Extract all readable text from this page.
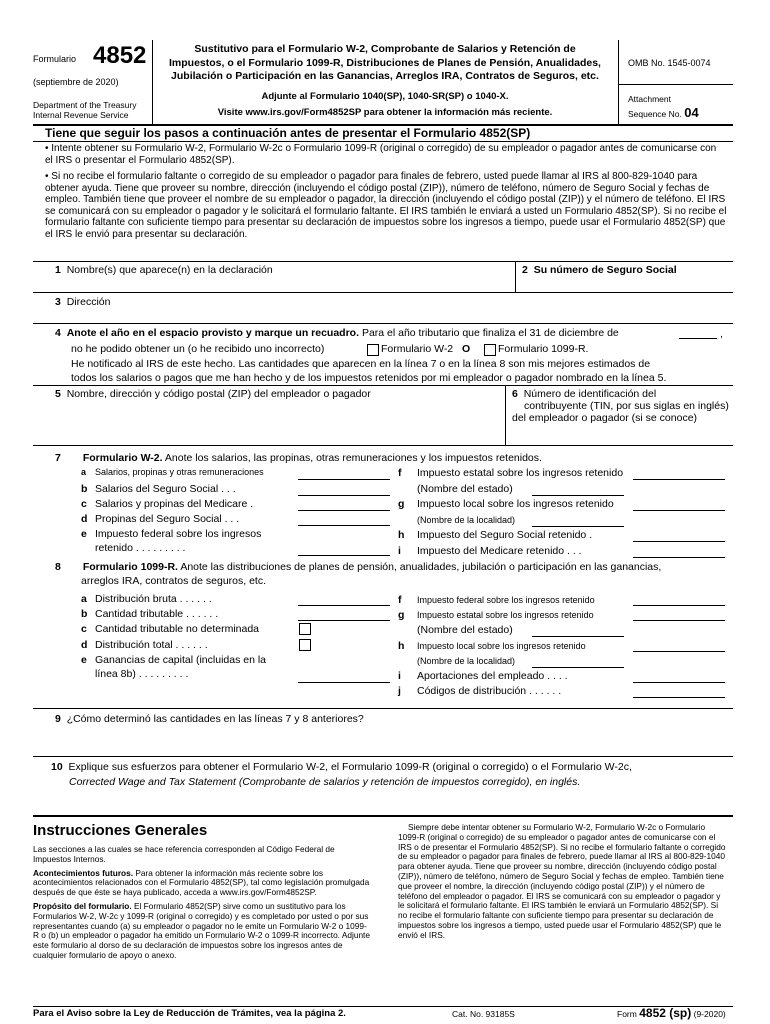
Formulario 4852
(septiembre de 2020)
Department of the Treasury
Internal Revenue Service
Sustitutivo para el Formulario W-2, Comprobante de Salarios y Retención de
Impuestos, o el Formulario 1099-R, Distribuciones de Planes de Pensión, Anualidades,
Jubilación o Participación en las Ganancias, Arreglos IRA, Contratos de Seguros, etc.
Adjunte al Formulario 1040(SP), 1040-SR(SP) o 1040-X.
Visite www.irs.gov/Form4852SP para obtener la información más reciente.
OMB No. 1545-0074
Attachment
Sequence No. 04
Tiene que seguir los pasos a continuación antes de presentar el Formulario 4852(SP)
• Intente obtener su Formulario W-2, Formulario W-2c o Formulario 1099-R (original o corregido) de su empleador o pagador antes de comunicarse con el IRS o presentar el Formulario 4852(SP).
• Si no recibe el formulario faltante o corregido de su empleador o pagador para finales de febrero, usted puede llamar al IRS al 800-829-1040 para obtener ayuda. Tiene que proveer su nombre, dirección (incluyendo el código postal (ZIP)), número de teléfono, número de Seguro Social y fechas de empleo. También tiene que proveer el nombre de su empleador o pagador, la dirección (incluyendo el código postal (ZIP)) y el número de teléfono. El IRS se comunicará con su empleador o pagador y le solicitará el formulario faltante. El IRS también le enviará a usted un Formulario 4852(SP). Si no recibe el formulario faltante con suficiente tiempo para presentar su declaración de impuestos sobre los ingresos a tiempo, puede usar el Formulario 4852(SP) que el IRS le envió para presentar su declaración.
1 Nombre(s) que aparece(n) en la declaración	2 Su número de Seguro Social
3 Dirección
4 Anote el año en el espacio provisto y marque un recuadro. Para el año tributario que finaliza el 31 de diciembre de	,
no he podido obtener un (o he recibido uno incorrecto)	Formulario W-2 O	Formulario 1099-R.
He notificado al IRS de este hecho. Las cantidades que aparecen en la línea 7 o en la línea 8 son mis mejores estimados de
todos los salarios o pagos que me han hecho y de los impuestos retenidos por mi empleador o pagador nombrado en la línea 5.
5 Nombre, dirección y código postal (ZIP) del empleador o pagador	6 Número de identificación del
contribuyente (TIN, por sus siglas en inglés)
del empleador o pagador (si se conoce)
7 Formulario W-2. Anote los salarios, las propinas, otras remuneraciones y los impuestos retenidos.
a Salarios, propinas y otras remuneraciones
b Salarios del Seguro Social . . .
c Salarios y propinas del Medicare .
d Propinas del Seguro Social . . .
e Impuesto federal sobre los ingresos
retenido . . . . . . . . .
f Impuesto estatal sobre los ingresos retenido
(Nombre del estado)
g Impuesto local sobre los ingresos retenido
(Nombre de la localidad)
h Impuesto del Seguro Social retenido .
i Impuesto del Medicare retenido . . .
8 Formulario 1099-R. Anote las distribuciones de planes de pensión, anualidades, jubilación o participación en las ganancias,
arreglos IRA, contratos de seguros, etc.
a Distribución bruta . . . . . .
b Cantidad tributable . . . . . .
c Cantidad tributable no determinada
d Distribución total . . . . . .
e Ganancias de capital (incluidas en la
línea 8b) . . . . . . . . .
f Impuesto federal sobre los ingresos retenido
g Impuesto estatal sobre los ingresos retenido
(Nombre del estado)
h Impuesto local sobre los ingresos retenido
(Nombre de la localidad)
i Aportaciones del empleado . . . .
j Códigos de distribución . . . . . .
9 ¿Cómo determinó las cantidades en las líneas 7 y 8 anteriores?
10 Explique sus esfuerzos para obtener el Formulario W-2, el Formulario 1099-R (original o corregido) o el Formulario W-2c,
Corrected Wage and Tax Statement (Comprobante de salarios y retención de impuestos corregido), en inglés.
Instrucciones Generales

Las secciones a las cuales se hace referencia corresponden al Código Federal de Impuestos Internos.

Acontecimientos futuros. Para obtener la información más reciente sobre los acontecimientos relacionados con el Formulario 4852(SP), tal como legislación promulgada después de que éste se haya publicado, acceda a www.irs.gov/Form4852SP.

Propósito del formulario. El Formulario 4852(SP) sirve como un sustitutivo para los Formularios W-2, W-2c y 1099-R (original o corregido) y es completado por usted o por sus representantes cuando (a) su empleador o pagador no le emite un Formulario W-2 o 1099-R o (b) un empleador o pagador ha emitido un Formulario W-2 o 1099-R incorrecto. Adjunte este formulario al dorso de su declaración de impuestos sobre los ingresos antes de cualquier formulario de apoyo o anexo.

Siempre debe intentar obtener su Formulario W-2, Formulario W-2c o Formulario 1099-R (original o corregido) de su empleador o pagador antes de comunicarse con el IRS o de presentar el Formulario 4852(SP). Si no recibe el formulario faltante o corregido de su empleador o pagador para finales de febrero, puede llamar al IRS al 800-829-1040 para obtener ayuda. Tiene que proveer su nombre, dirección (incluyendo código postal (ZIP)), número de teléfono, número de Seguro Social y fechas de empleo. También tiene que proveer el nombre, la dirección (incluyendo código postal (ZIP)) y el número de teléfono del empleador o pagador. El IRS se comunicará con su empleador o pagador y le solicitará el formulario faltante. El IRS también le enviará un Formulario 4852(SP). Si no recibe el formulario faltante con suficiente tiempo para presentar su declaración de impuestos sobre los ingresos a tiempo, usted puede usar el Formulario 4852(SP) que le envió el IRS.

Para el Aviso sobre la Ley de Reducción de Trámites, vea la página 2.	Cat. No. 93185S	Form 4852 (sp) (9-2020)
